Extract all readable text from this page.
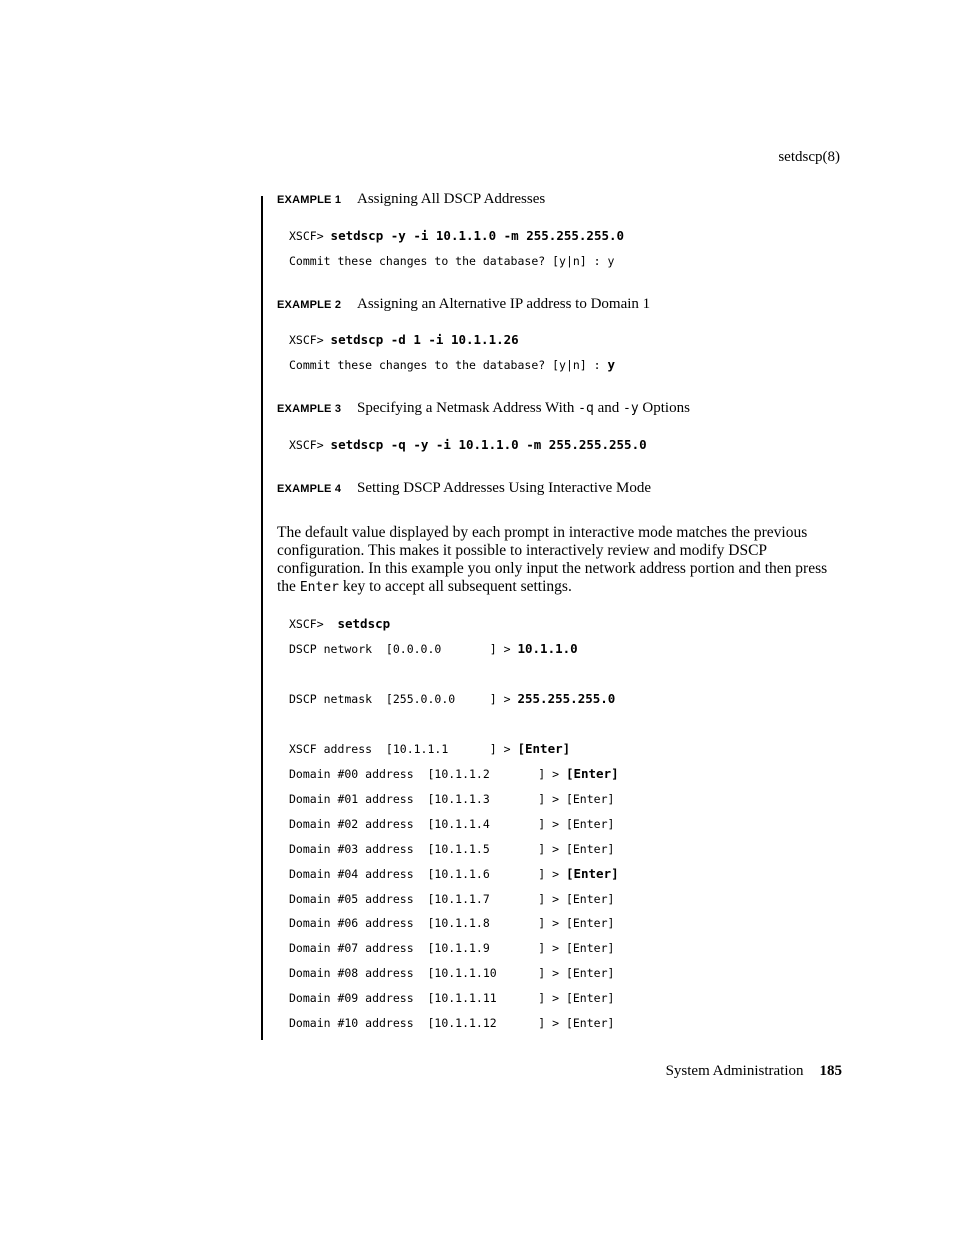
setdscp(8)
EXAMPLE 1 Assigning All DSCP Addresses
XSCF> setdscp -y -i 10.1.1.0 -m 255.255.255.0
Commit these changes to the database? [y|n] : y
EXAMPLE 2 Assigning an Alternative IP address to Domain 1
XSCF> setdscp -d 1 -i 10.1.1.26
Commit these changes to the database? [y|n] : y
EXAMPLE 3 Specifying a Netmask Address With -q and -y Options
XSCF> setdscp -q -y -i 10.1.1.0 -m 255.255.255.0
EXAMPLE 4 Setting DSCP Addresses Using Interactive Mode
The default value displayed by each prompt in interactive mode matches the previous configuration. This makes it possible to interactively review and modify DSCP configuration. In this example you only input the network address portion and then press the Enter key to accept all subsequent settings.
XSCF>  setdscp
DSCP network  [0.0.0.0       ] > 10.1.1.0
DSCP netmask  [255.0.0.0     ] > 255.255.255.0
XSCF address  [10.1.1.1      ] > [Enter]
Domain #00 address  [10.1.1.2       ] > [Enter]
Domain #01 address  [10.1.1.3       ] > [Enter]
Domain #02 address  [10.1.1.4       ] > [Enter]
Domain #03 address  [10.1.1.5       ] > [Enter]
Domain #04 address  [10.1.1.6       ] > [Enter]
Domain #05 address  [10.1.1.7       ] > [Enter]
Domain #06 address  [10.1.1.8       ] > [Enter]
Domain #07 address  [10.1.1.9       ] > [Enter]
Domain #08 address  [10.1.1.10      ] > [Enter]
Domain #09 address  [10.1.1.11      ] > [Enter]
Domain #10 address  [10.1.1.12      ] > [Enter]
System Administration 185
